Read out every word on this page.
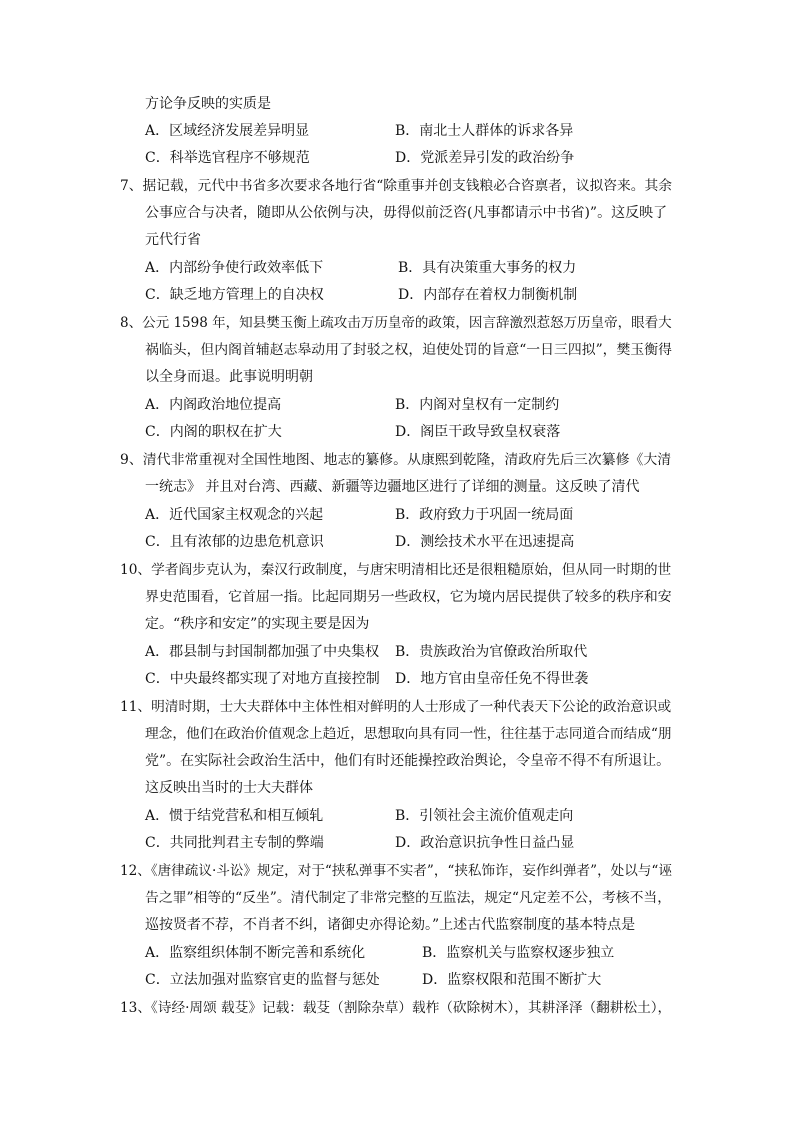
方论争反映的实质是
A．区域经济发展差异明显	B．南北士人群体的诉求各异
C．科举选官程序不够规范	D．党派差异引发的政治纷争
7、据记载，元代中书省多次要求各地行省“除重事并创支钱粮必合咨禀者，议拟咨来。其余
公事应合与决者，随即从公依例与决，毋得似前泛咨(凡事都请示中书省)”。这反映了
元代行省
A．内部纷争使行政效率低下	B．具有决策重大事务的权力
C．缺乏地方管理上的自决权	D．内部存在着权力制衡机制
8、公元 1598 年，知县樊玉衡上疏攻击万历皇帝的政策，因言辞激烈惹怒万历皇帝，眼看大
祸临头，但内阁首辅赵志皋动用了封驳之权，迫使处罚的旨意“一日三四拟”，樊玉衡得
以全身而退。此事说明明朝
A．内阁政治地位提高	B．内阁对皇权有一定制约
C．内阁的职权在扩大	D．阁臣干政导致皇权衰落
9、清代非常重视对全国性地图、地志的纂修。从康熙到乾隆，清政府先后三次纂修《大清
一统志》 并且对台湾、西藏、新疆等边疆地区进行了详细的测量。这反映了清代
A．近代国家主权观念的兴起	B．政府致力于巩固一统局面
C．且有浓郁的边患危机意识	D．测绘技术水平在迅速提高
10、学者阎步克认为，秦汉行政制度，与唐宋明清相比还是很粗糙原始，但从同一时期的世
界史范围看，它首屈一指。比起同期另一些政权，它为境内居民提供了较多的秩序和安
定。“秩序和安定”的实现主要是因为
A．郡县制与封国制都加强了中央集权 B．贵族政治为官僚政治所取代
C．中央最终都实现了对地方直接控制 D．地方官由皇帝任免不得世袭
11、明清时期，士大夫群体中主体性相对鲜明的人士形成了一种代表天下公论的政治意识或
理念，他们在政治价值观念上趋近，思想取向具有同一性，往往基于志同道合而结成“朋
党”。在实际社会政治生活中，他们有时还能操控政治舆论，令皇帝不得不有所退让。
这反映出当时的士大夫群体
A．惯于结党营私和相互倾轧	B．引领社会主流价值观走向
C．共同批判君主专制的弊端	D．政治意识抗争性日益凸显
12、《唐律疏议·斗讼》规定，对于“挟私弹事不实者”，“挟私饰诈，妄作纠弹者”，处以与“诬
告之罪”相等的“反坐”。清代制定了非常完整的互监法，规定“凡定差不公，考核不当，
巡按贤者不荐，不肖者不纠，诸御史亦得论劾。”上述古代监察制度的基本特点是
A．监察组织体制不断完善和系统化	B．监察机关与监察权逐步独立
C．立法加强对监察官吏的监督与惩处	D．监察权限和范围不断扩大
13、《诗经·周颂 载芟》记载：载芟（割除杂草）载柞（砍除树木），其耕泽泽（翻耕松土），
